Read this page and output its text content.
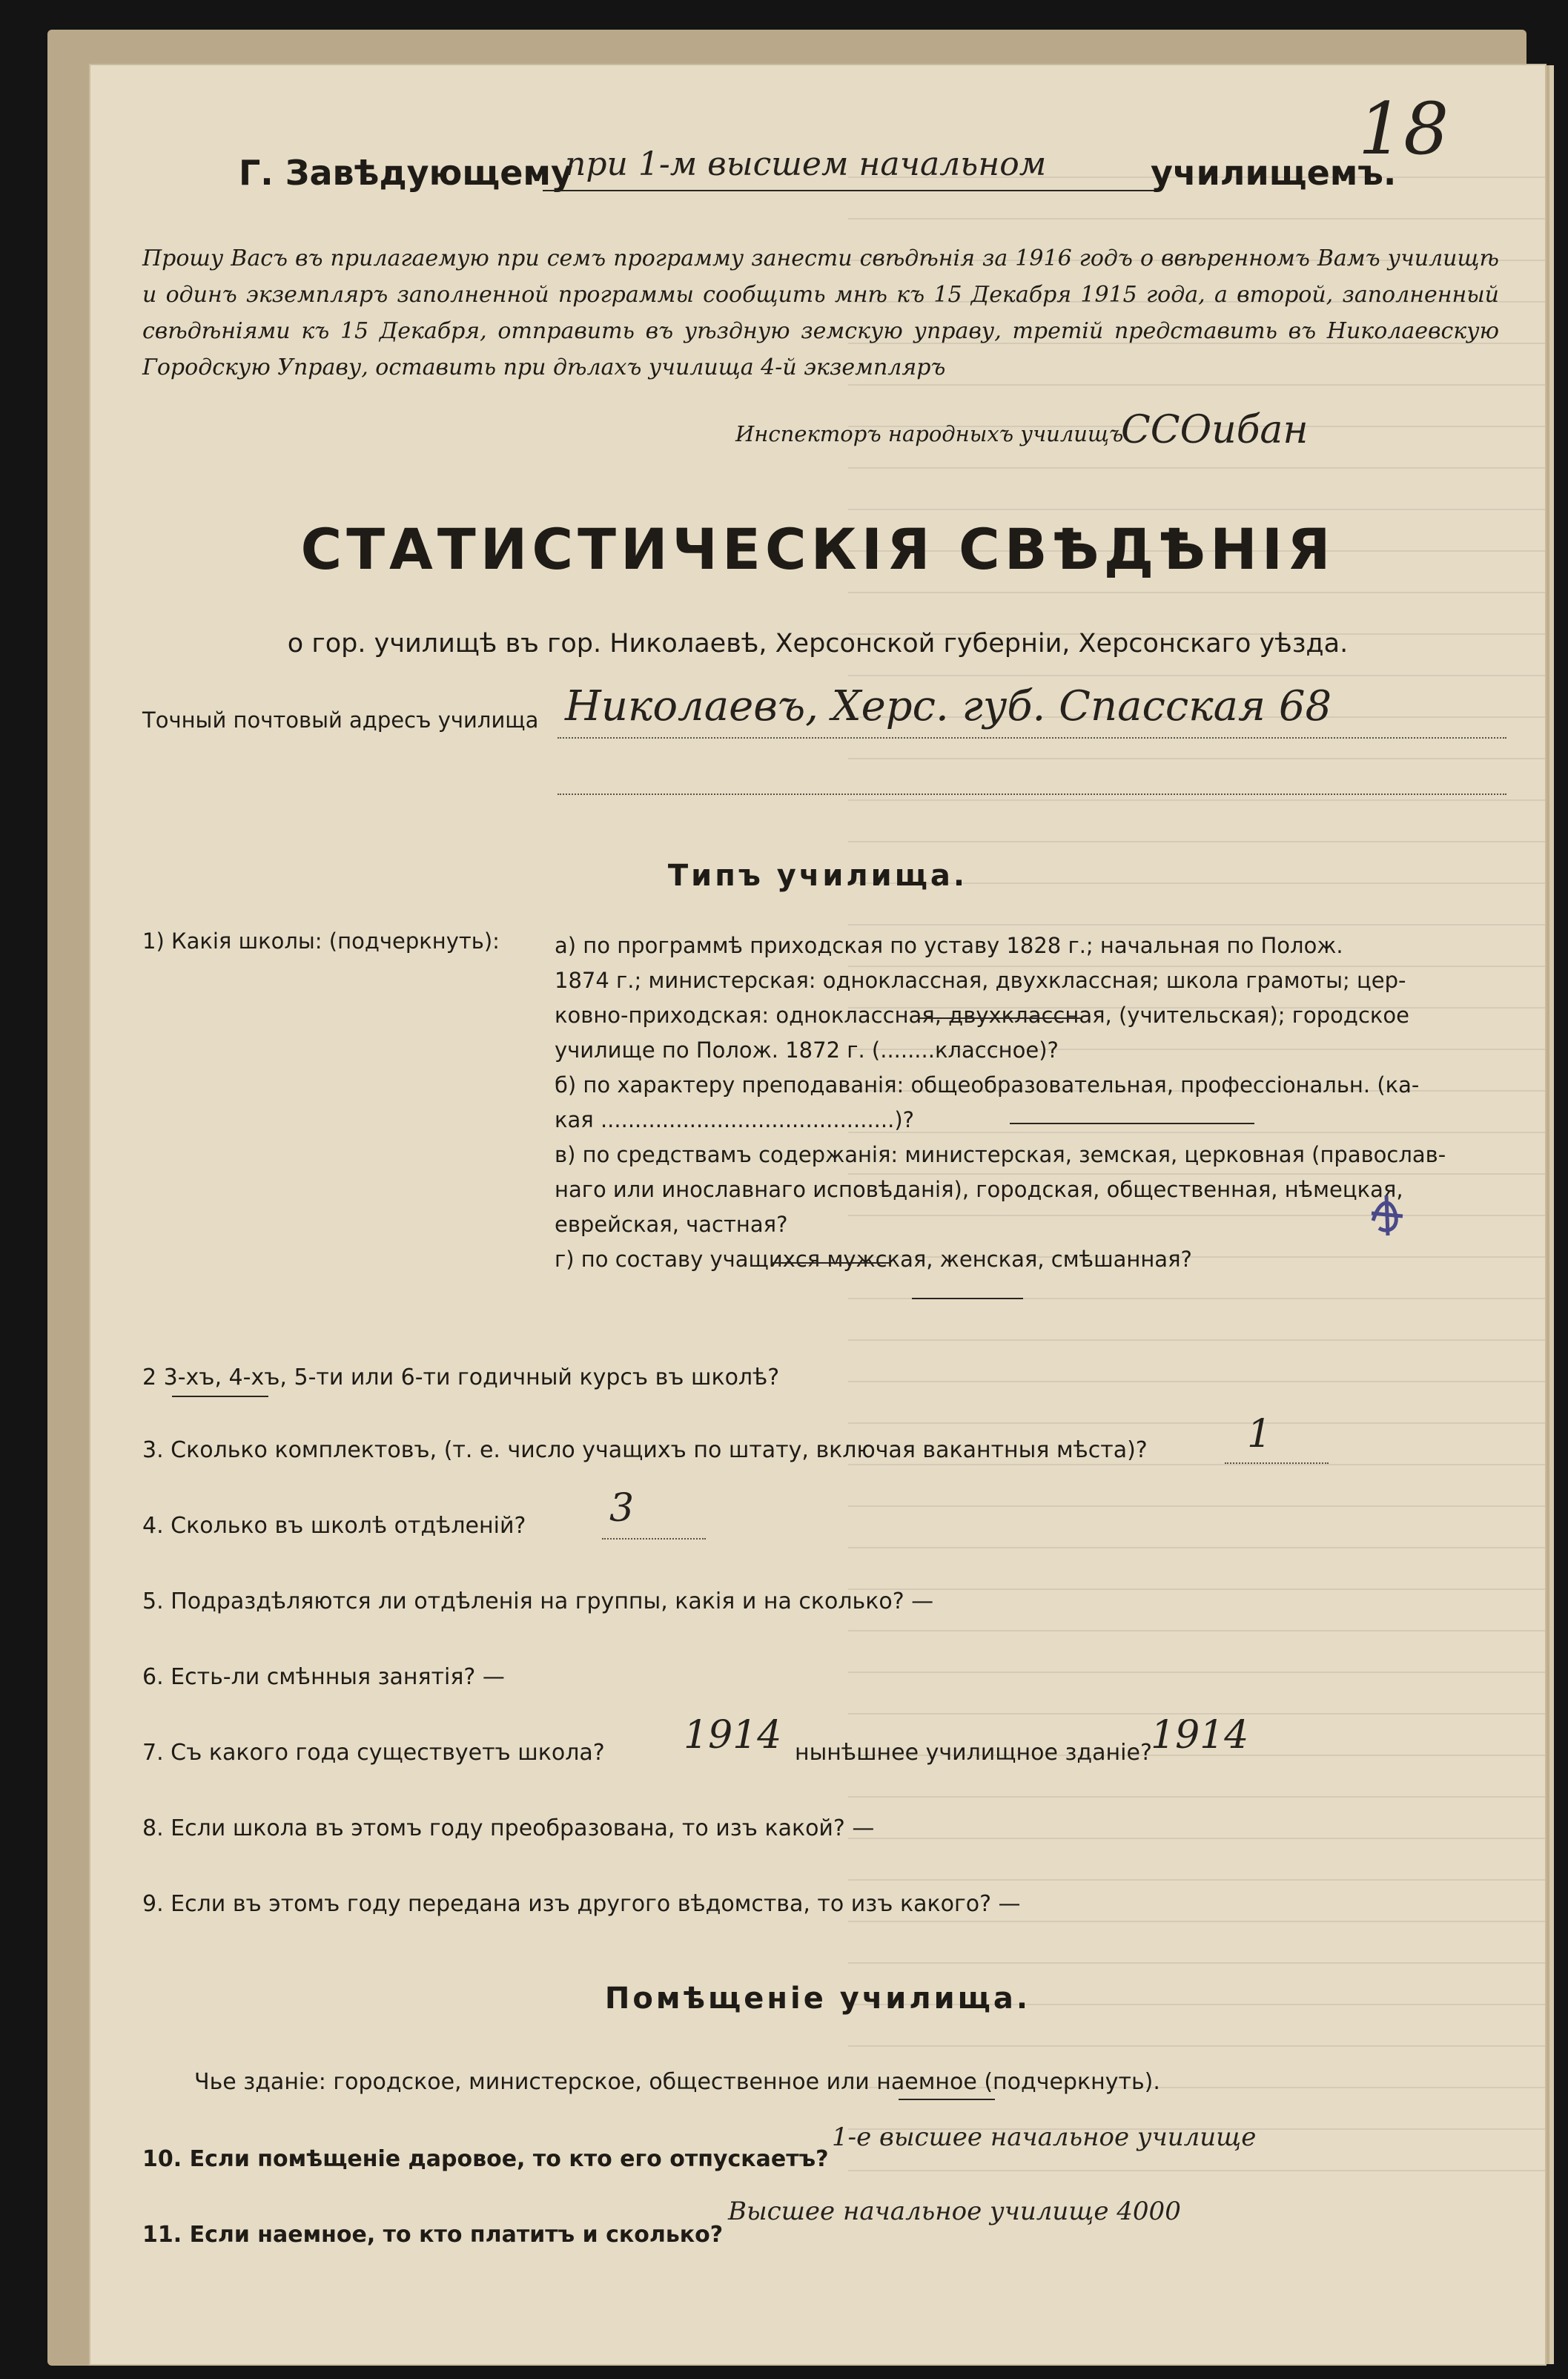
Г. Завѣдующему
при 1-м высшем начальном	училищемъ.
18
Прошу Васъ въ прилагаемую при семъ программу занести свѣдѣнія за 1916 годъ о ввѣренномъ Вамъ училищѣ и одинъ экземпляръ заполненной программы сообщить мнѣ къ 15 Декабря 1915 года, а второй, заполненный свѣдѣніями къ 15 Декабря, отправить въ уѣздную земскую управу, третій представить въ Николаевскую Городскую Управу, оставить при дѣлахъ училища 4-й экземпляръ
Инспекторъ народныхъ училищъ
ССОибан
СТАТИСТИЧЕСКІЯ СВѢДѢНІЯ
о гор. училищѣ въ гор. Николаевѣ, Херсонской губерніи, Херсонскаго уѣзда.
Точный почтовый адресъ училища Николаевъ, Херс. губ. Спасская 68
Типъ училища.
1) Какія школы: (подчеркнуть):	а) по программѣ приходская по уставу 1828 г.; начальная по Полож.
1874 г.; министерская: одноклассная, двухклассная; школа грамоты; цер-
ковно-приходская: одноклассная, двухклассная, (учительская); городское
училище по Полож. 1872 г. (........классное)?
б) по характеру преподаванія: общеобразовательная, профессіональн. (ка-
кая ...........................................)?
в) по средствамъ содержанія: министерская, земская, церковная (православ-
наго или инославнаго исповѣданія), городская, общественная, нѣмецкая,
еврейская, частная?
г) по составу учащихся мужская, женская, смѣшанная?
2 3-хъ, 4-хъ, 5-ти или 6-ти годичный курсъ въ школѣ?
3. Сколько комплектовъ, (т. е. число учащихъ по штату, включая вакантныя мѣста)?	1
4. Сколько въ школѣ отдѣленій? 3
5. Подраздѣляются ли отдѣленія на группы, какія и на сколько? —
6. Есть-ли смѣнныя занятія? —
7. Съ какого года существуетъ школа? 1914 нынѣшнее училищное зданіе?
1914
8. Если школа въ этомъ году преобразована, то изъ какой? —
9. Если въ этомъ году передана изъ другого вѣдомства, то изъ какого? —
Помѣщеніе училища.
Чье зданіе: городское, министерское, общественное или наемное (подчеркнуть).
10. Если помѣщеніе даровое, то кто его отпускаетъ?
1-е высшее начальное училище
11. Если наемное, то кто платитъ и сколько?
Высшее начальное училище 4000
